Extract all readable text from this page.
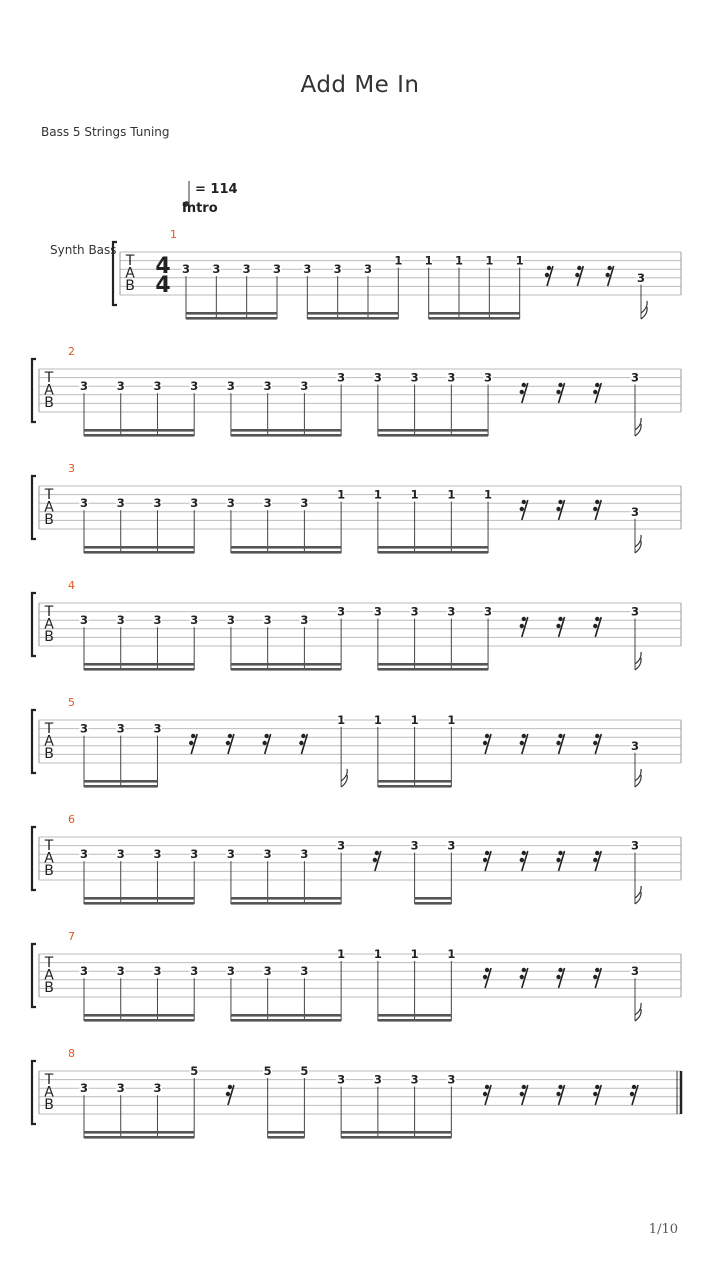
Add Me In
Bass 5 Strings Tuning
Synth Bass
= 114
Intro
T
A
B
4
4
1
3 3 3 3 3 3 3
1 1 1 1 1
3
T
A
B
2
3 3 3 3 3 3 3
3 3 3 3 3	3
T
A
B
3
3 3 3 3 3 3 3
1 1 1 1 1
3
T
A
B
4
3 3 3 3 3 3 3
3 3 3 3 3	3
T
A
B
5
3 3 3
1 1 1 1
3
T
A
B
6
3 3 3 3 3 3 3
3	3 3	3
T
A
B
7
3 3 3 3 3 3 3
1 1 1 1
3
T
A
B
8
3 3 3
5	5 5
3 3 3 3
1/10
